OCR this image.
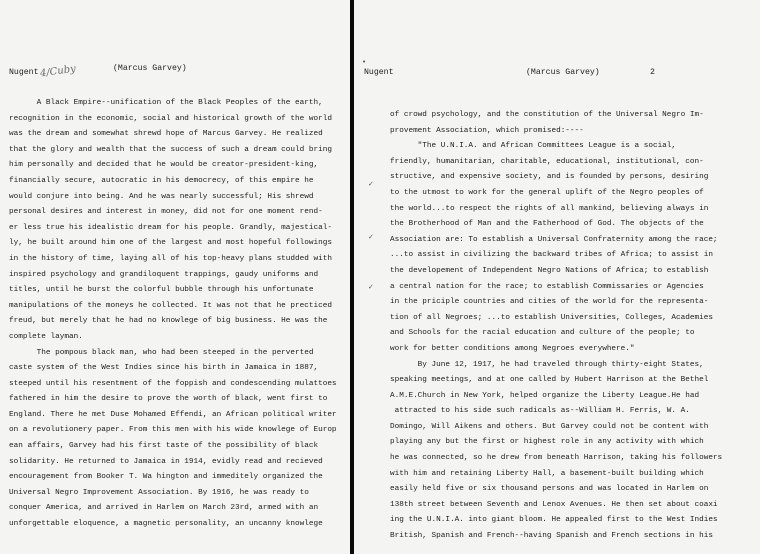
Nugent 4/Cuby	(Marcus Garvey)
A Black Empire--unification of the Black Peoples of the earth,
recognition in the economic, social and historical growth of the world
was the dream and somewhat shrewd hope of Marcus Garvey. He realized
that the glory and wealth that the success of such a dream could bring
him personally and decided that he would be creator-president-king,
financially secure, autocratic in his democrecy, of this empire he
would conjure into being. And he was nearly successful; His shrewd
personal desires and interest in money, did not for one moment rend-
er less true his idealistic dream for his people. Grandly, majestical-
ly, he built around him one of the largest and most hopeful followings
in the history of time, laying all of his top-heavy plans studded with
inspired psychology and grandiloquent trappings, gaudy uniforms and
titles, until he burst the colorful bubble through his unfortunate
manipulations of the moneys he collected. It was not that he precticed
freud, but merely that he had no knowlege of big business. He was the
complete layman.
The pompous black man, who had been steeped in the perverted
caste system of the West Indies since his birth in Jamaica in 1887,
steeped until his resentment of the foppish and condescending mulattoes
fathered in him the desire to prove the worth of black, went first to
England. There he met Duse Mohamed Effendi, an African political writer
on a revolutionery paper. From this men with his wide knowlege of Europ
ean affairs, Garvey had his first taste of the possibility of black
solidarity. He returned to Jamaica in 1914, evidly read and recieved
encouragement from Booker T. Wa hington and immeditely organized the
Universal Negro Improvement Association. By 1916, he was ready to
conquer America, and arrived in Harlem on March 23rd, armed with an
unforgettable eloquence, a magnetic personality, an uncanny knowlege
Nugent	(Marcus Garvey)	2
•
✓
✓
✓
of crowd psychology, and the constitution of the Universal Negro Im-
provement Association, which promised:----
"The U.N.I.A. and African Committees League is a social,
friendly, humanitarian, charitable, educational, institutional, con-
structive, and expensive society, and is founded by persons, desiring
to the utmost to work for the general uplift of the Negro peoples of
the world...to respect the rights of all mankind, believing always in
the Brotherhood of Man and the Fatherhood of God. The objects of the
Association are: To establish a Universal Confraternity among the race;
...to assist in civilizing the backward tribes of Africa; to assist in
the developement of Independent Negro Nations of Africa; to establish
a central nation for the race; to establish Commissaries or Agencies
in the priciple countries and cities of the world for the representa-
tion of all Negroes; ...to establish Universities, Colleges, Academies
and Schools for the racial education and culture of the people; to
work for better conditions among Negroes everywhere."
By June 12, 1917, he had traveled through thirty-eight States,
speaking meetings, and at one called by Hubert Harrison at the Bethel
A.M.E.Church in New York, helped organize the Liberty League.He had
attracted to his side such radicals as--William H. Ferris, W. A.
Domingo, Will Aikens and others. But Garvey could not be content with
playing any but the first or highest role in any activity with which
he was connected, so he drew from beneath Harrison, taking his followers
with him and retaining Liberty Hall, a basement-built building which
easily held five or six thousand persons and was located in Harlem on
138th street between Seventh and Lenox Avenues. He then set about coaxi
ing the U.N.I.A. into giant bloom. He appealed first to the West Indies
British, Spanish and French--having Spanish and French sections in his
